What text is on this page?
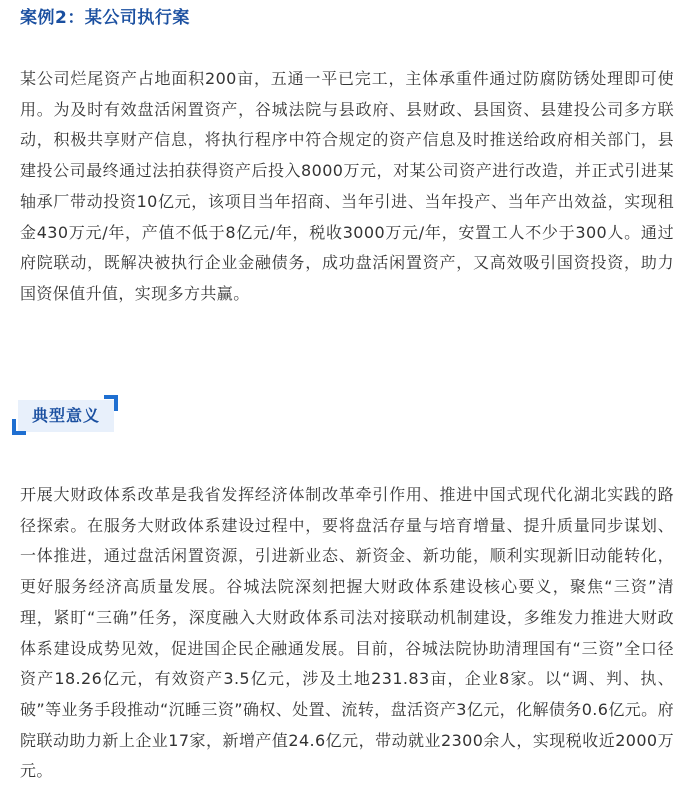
案例2：某公司执行案

某公司烂尾资产占地面积200亩，五通一平已完工，主体承重件通过防腐防锈处理即可使用。为及时有效盘活闲置资产，谷城法院与县政府、县财政、县国资、县建投公司多方联动，积极共享财产信息，将执行程序中符合规定的资产信息及时推送给政府相关部门，县建投公司最终通过法拍获得资产后投入8000万元，对某公司资产进行改造，并正式引进某轴承厂带动投资10亿元，该项目当年招商、当年引进、当年投产、当年产出效益，实现租金430万元/年，产值不低于8亿元/年，税收3000万元/年，安置工人不少于300人。通过府院联动，既解决被执行企业金融债务，成功盘活闲置资产，又高效吸引国资投资，助力国资保值升值，实现多方共赢。

典型意义

开展大财政体系改革是我省发挥经济体制改革牵引作用、推进中国式现代化湖北实践的路径探索。在服务大财政体系建设过程中，要将盘活存量与培育增量、提升质量同步谋划、一体推进，通过盘活闲置资源，引进新业态、新资金、新功能，顺利实现新旧动能转化，更好服务经济高质量发展。谷城法院深刻把握大财政体系建设核心要义，聚焦“三资”清理，紧盯“三确”任务，深度融入大财政体系司法对接联动机制建设，多维发力推进大财政体系建设成势见效，促进国企民企融通发展。目前，谷城法院协助清理国有“三资”全口径资产18.26亿元，有效资产3.5亿元，涉及土地231.83亩，企业8家。以“调、判、执、破”等业务手段推动“沉睡三资”确权、处置、流转，盘活资产3亿元，化解债务0.6亿元。府院联动助力新上企业17家，新增产值24.6亿元，带动就业2300余人，实现税收近2000万元。
